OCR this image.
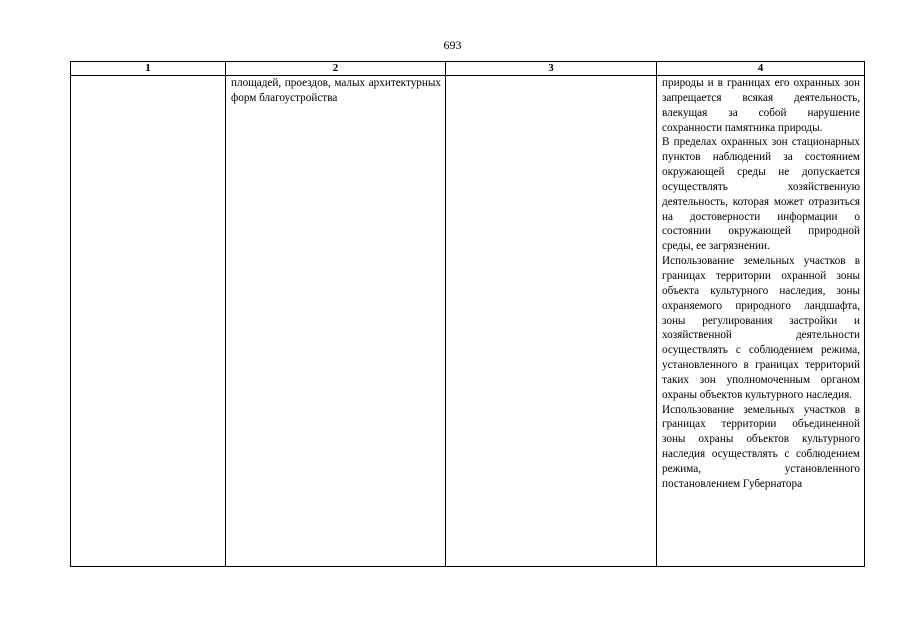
693
1	2	3	4

	площадей, проездов, малых архитектурных форм благоустройства		природы и в границах его охранных зон запрещается всякая деятельность, влекущая за собой нарушение сохранности памятника природы.

В пределах охранных зон стационарных пунктов наблюдений за состоянием окружающей среды не допускается осуществлять хозяйственную деятельность, которая может отразиться на достоверности информации о состоянии окружающей природной среды, ее загрязнении.

Использование земельных участков в границах территории охранной зоны объекта культурного наследия, зоны охраняемого природного ландшафта, зоны регулирования застройки и хозяйственной деятельности осуществлять с соблюдением режима, установленного в границах территорий таких зон уполномоченным органом охраны объектов культурного наследия.

Использование земельных участков в границах территории объединенной зоны охраны объектов культурного наследия осуществлять с соблюдением режима, установленного постановлением Губернатора
